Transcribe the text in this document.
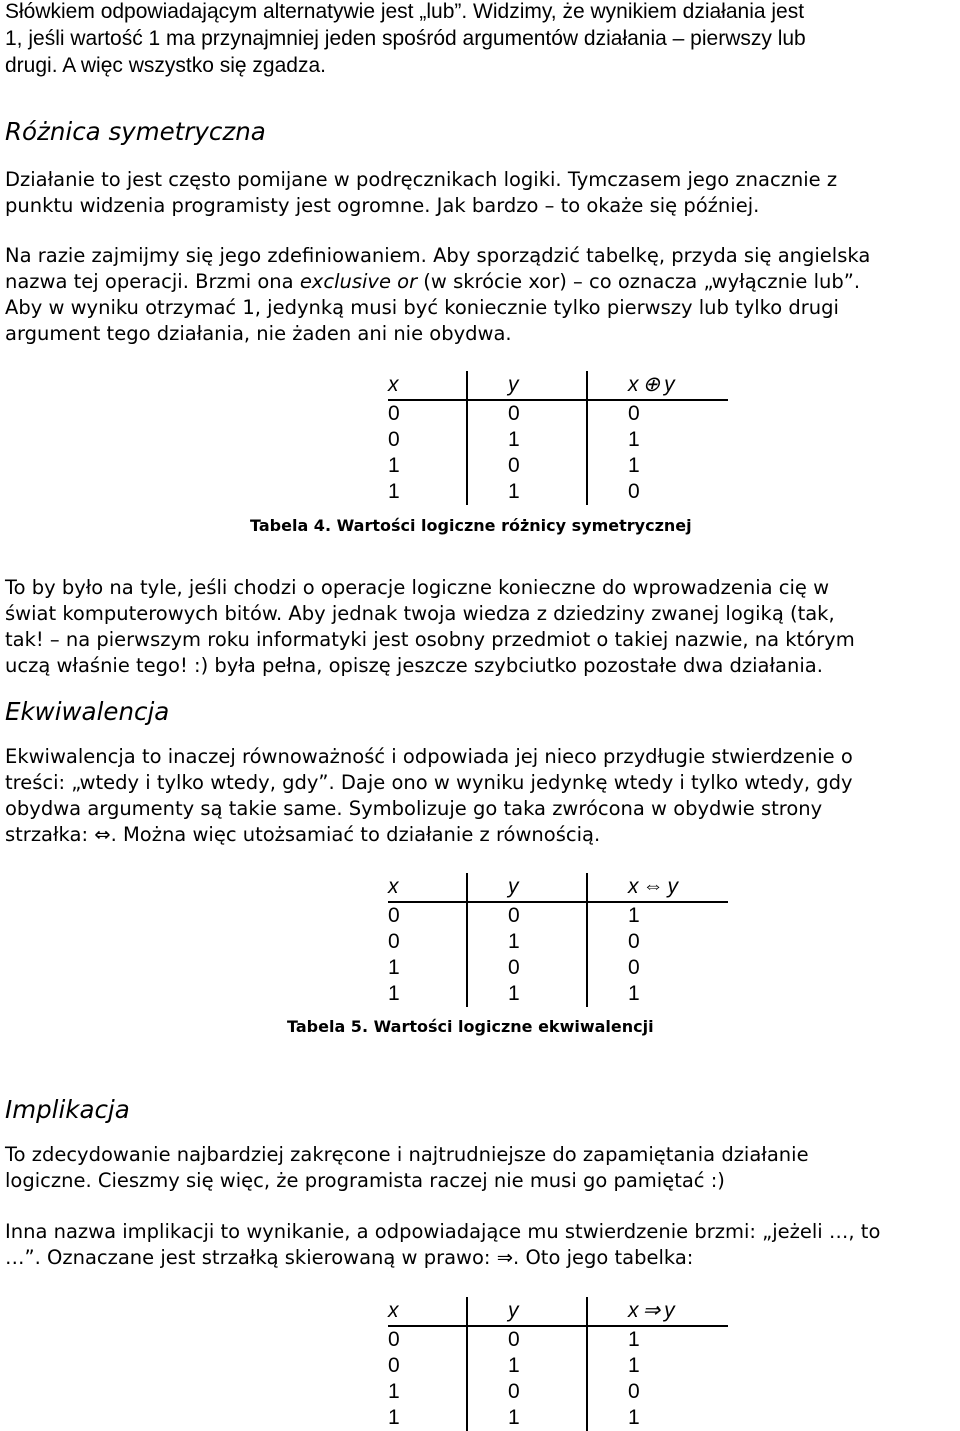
Słówkiem odpowiadającym alternatywie jest „lub”. Widzimy, że wynikiem działania jest
1, jeśli wartość 1 ma przynajmniej jeden spośród argumentów działania – pierwszy lub
drugi. A więc wszystko się zgadza.
Różnica symetryczna
Działanie to jest często pomijane w podręcznikach logiki. Tymczasem jego znacznie z
punktu widzenia programisty jest ogromne. Jak bardzo – to okaże się później.
Na razie zajmijmy się jego zdefiniowaniem. Aby sporządzić tabelkę, przyda się angielska
nazwa tej operacji. Brzmi ona exclusive or (w skrócie xor) – co oznacza „wyłącznie lub”.
Aby w wyniku otrzymać 1, jedynką musi być koniecznie tylko pierwszy lub tylko drugi
argument tego działania, nie żaden ani nie obydwa.
x	y	x ⊕ y
0	0	0
0	1	1
1	0	1
1	1	0
Tabela 4. Wartości logiczne różnicy symetrycznej
To by było na tyle, jeśli chodzi o operacje logiczne konieczne do wprowadzenia cię w
świat komputerowych bitów. Aby jednak twoja wiedza z dziedziny zwanej logiką (tak,
tak! – na pierwszym roku informatyki jest osobny przedmiot o takiej nazwie, na którym
uczą właśnie tego! :) była pełna, opiszę jeszcze szybciutko pozostałe dwa działania.
Ekwiwalencja
Ekwiwalencja to inaczej równoważność i odpowiada jej nieco przydługie stwierdzenie o
treści: „wtedy i tylko wtedy, gdy”. Daje ono w wyniku jedynkę wtedy i tylko wtedy, gdy
obydwa argumenty są takie same. Symbolizuje go taka zwrócona w obydwie strony
strzałka: ⇔. Można więc utożsamiać to działanie z równością.
x	y	x ⇔ y
0	0	1
0	1	0
1	0	0
1	1	1
Tabela 5. Wartości logiczne ekwiwalencji
Implikacja
To zdecydowanie najbardziej zakręcone i najtrudniejsze do zapamiętania działanie
logiczne. Cieszmy się więc, że programista raczej nie musi go pamiętać :)
Inna nazwa implikacji to wynikanie, a odpowiadające mu stwierdzenie brzmi: „jeżeli …, to
…”. Oznaczane jest strzałką skierowaną w prawo: ⇒. Oto jego tabelka:
x	y	x ⇒ y
0	0	1
0	1	1
1	0	0
1	1	1
